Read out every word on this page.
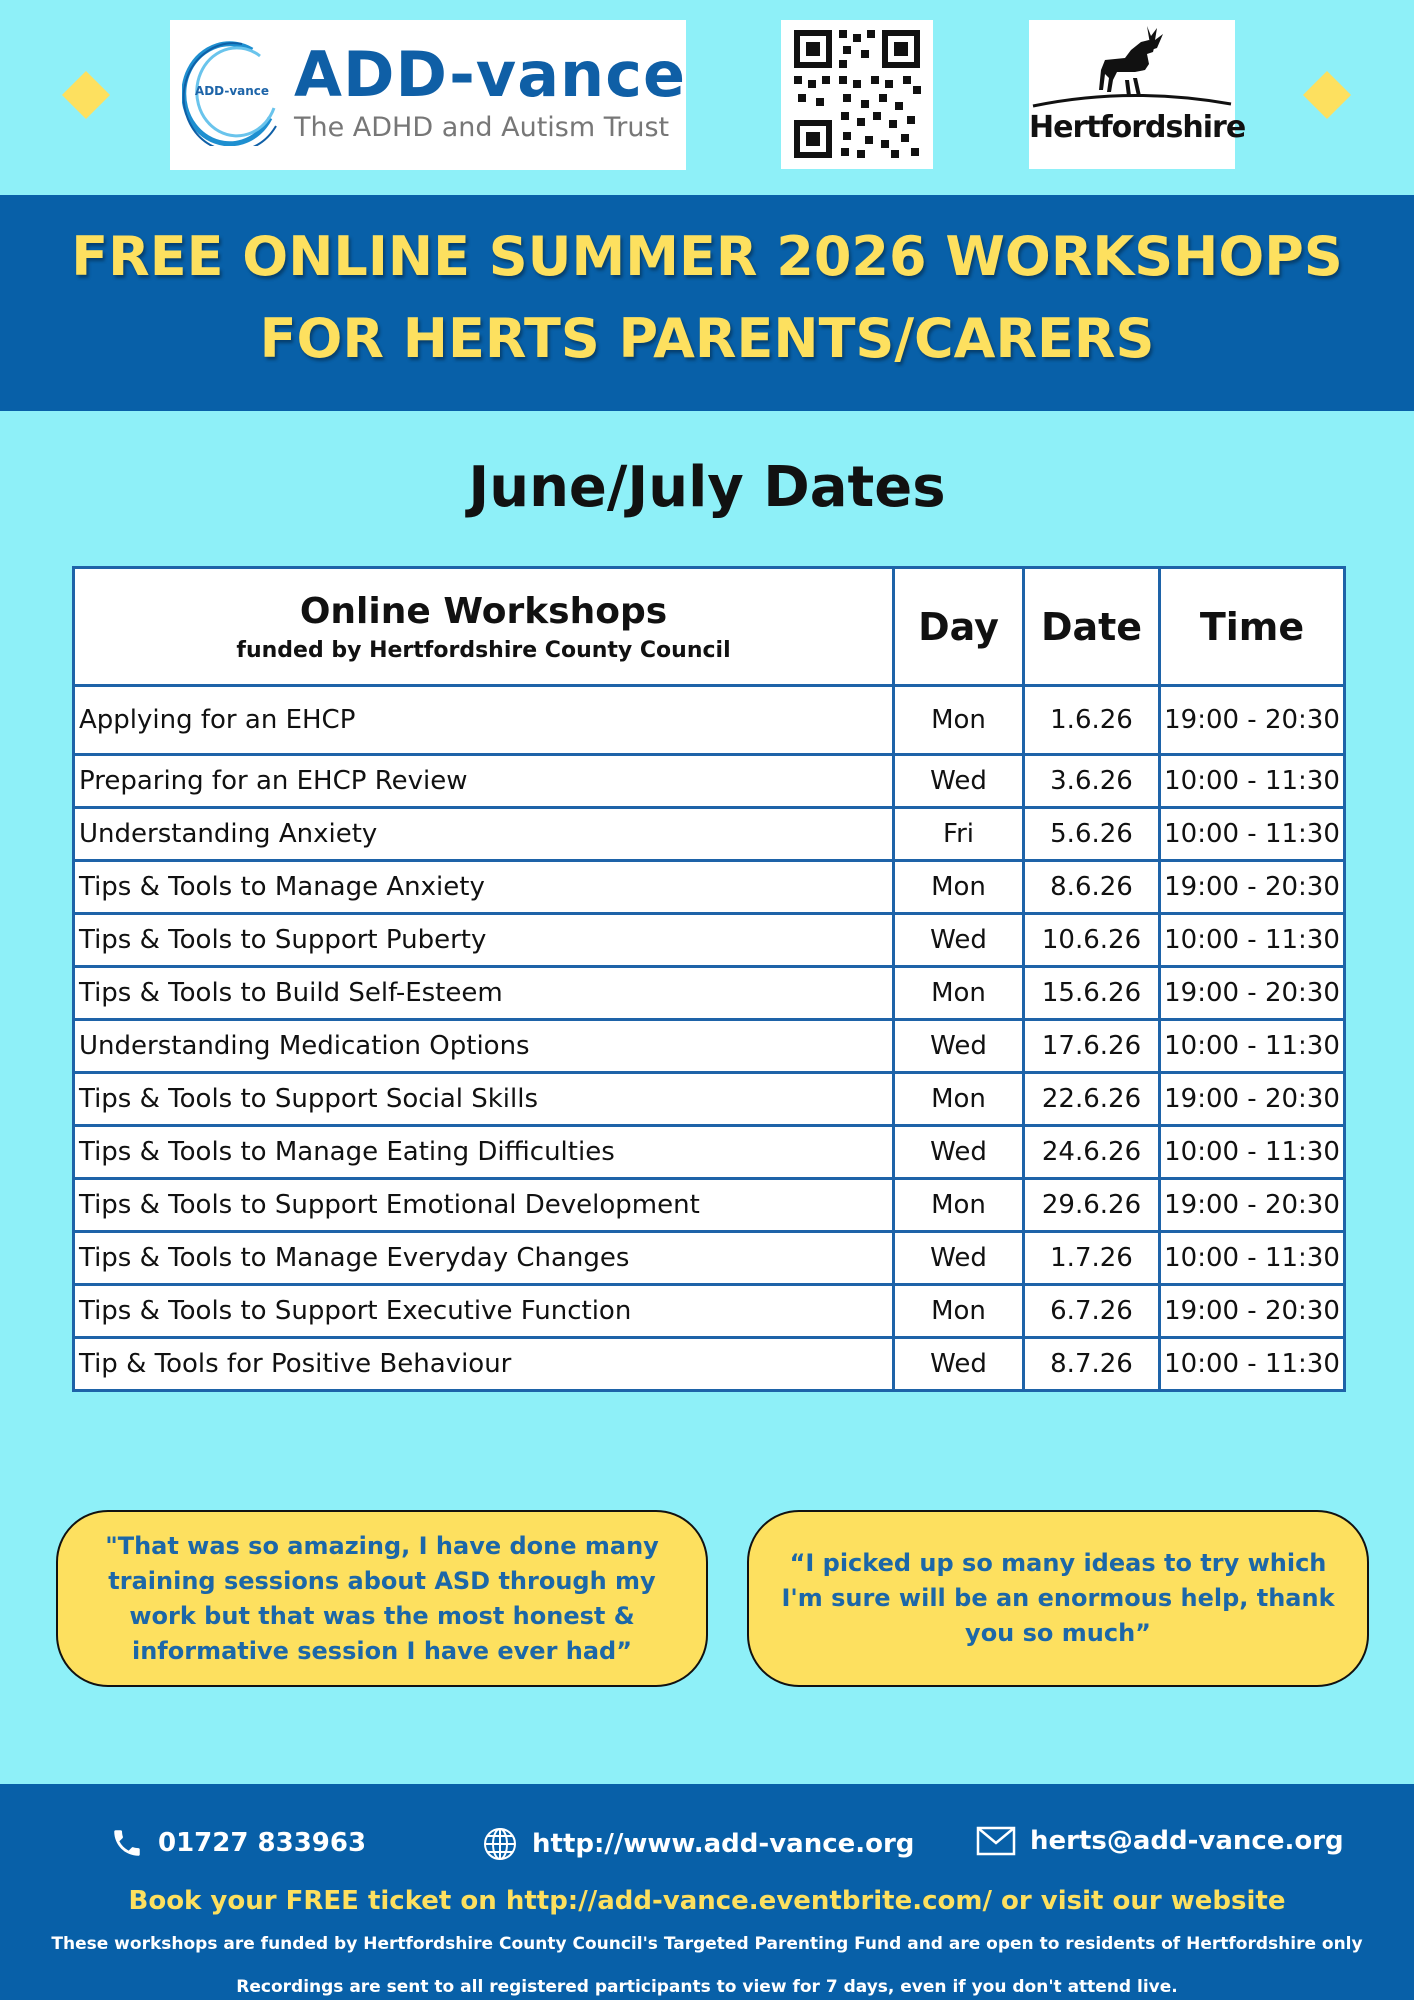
ADD-vance ADD-vance
The ADHD and Autism Trust	Hertfordshire
FREE ONLINE SUMMER 2026 WORKSHOPS
FOR HERTS PARENTS/CARERS
June/July Dates
Online Workshops
funded by Hertfordshire County Council	Day	Date	Time
Applying for an EHCP	Mon	1.6.26	19:00 - 20:30
Preparing for an EHCP Review	Wed	3.6.26	10:00 - 11:30
Understanding Anxiety	Fri	5.6.26	10:00 - 11:30
Tips & Tools to Manage Anxiety	Mon	8.6.26	19:00 - 20:30
Tips & Tools to Support Puberty	Wed	10.6.26	10:00 - 11:30
Tips & Tools to Build Self-Esteem	Mon	15.6.26	19:00 - 20:30
Understanding Medication Options	Wed	17.6.26	10:00 - 11:30
Tips & Tools to Support Social Skills	Mon	22.6.26	19:00 - 20:30
Tips & Tools to Manage Eating Difficulties	Wed	24.6.26	10:00 - 11:30
Tips & Tools to Support Emotional Development	Mon	29.6.26	19:00 - 20:30
Tips & Tools to Manage Everyday Changes	Wed	1.7.26	10:00 - 11:30
Tips & Tools to Support Executive Function	Mon	6.7.26	19:00 - 20:30
Tip & Tools for Positive Behaviour	Wed	8.7.26	10:00 - 11:30
"That was so amazing, I have done many training sessions about ASD through my work but that was the most honest & informative session I have ever had”
“I picked up so many ideas to try which I'm sure will be an enormous help, thank you so much”
01727 833963	http://www.add-vance.org	herts@add-vance.org
Book your FREE ticket on http://add-vance.eventbrite.com/ or visit our website
These workshops are funded by Hertfordshire County Council's Targeted Parenting Fund and are open to residents of Hertfordshire only
Recordings are sent to all registered participants to view for 7 days, even if you don't attend live.
